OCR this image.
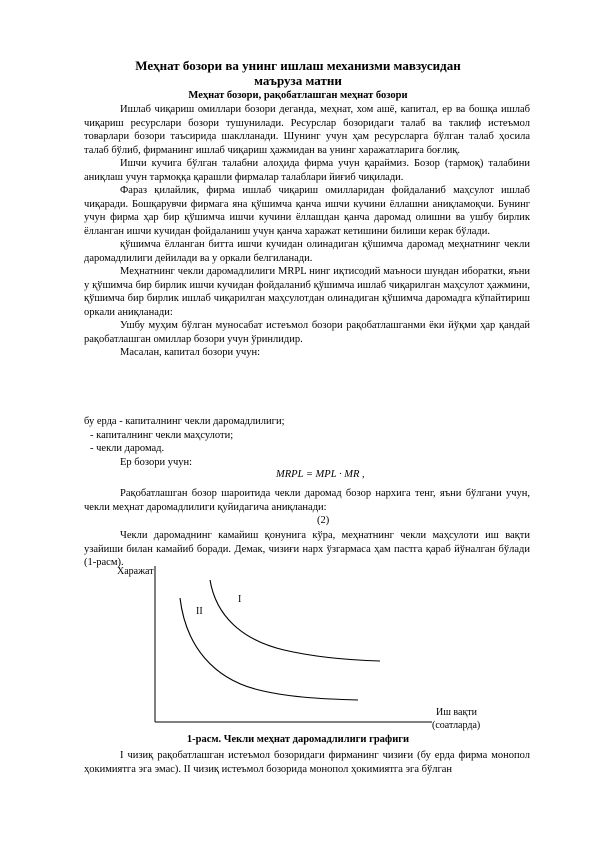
Меҳнат бозори ва унинг ишлаш механизми мавзусидан
маъруза матни
Меҳнат бозори, рақобатлашган меҳнат бозори

Ишлаб чиқариш омиллари бозори деганда, меҳнат, хом ашё, капитал, ер ва бошқа ишлаб чиқариш ресурслари бозори тушунилади. Ресурслар бозоридаги талаб ва таклиф истеъмол товарлари бозори таъсирида шаклланади. Шунинг учун ҳам ресурсларга бўлган талаб ҳосила талаб бўлиб, фирманинг ишлаб чиқариш ҳажмидан ва унинг харажатларига боғлиқ.

Ишчи кучига бўлган талабни алоҳида фирма учун қараймиз. Бозор (тармоқ) талабини аниқлаш учун тармоққа қарашли фирмалар талаблари йиғиб чиқилади.

Фараз қилайлик, фирма ишлаб чиқариш омилларидан фойдаланиб маҳсулот ишлаб чиқаради. Бошқарувчи фирмага яна қўшимча қанча ишчи кучини ёллашни аниқламоқчи. Бунинг учун фирма ҳар бир қўшимча ишчи кучини ёллашдан қанча даромад олишни ва ушбу бирлик ёлланган ишчи кучидан фойдаланиш учун қанча харажат кетишини билиши керак бўлади.

қўшимча ёлланган битта ишчи кучидан олинадиган қўшимча даромад меҳнатнинг чекли даромадлилиги дейилади ва у оркали белгиланади.

Меҳнатнинг чекли даромадлилиги MRPL нинг иқтисодий маъноси шундан иборатки, яъни у қўшимча бир бирлик ишчи кучидан фойдаланиб қўшимча ишлаб чиқарилган маҳсулот ҳажмини, қўшимча бир бирлик ишлаб чиқарилган маҳсулотдан олинадиган қўшимча даромадга кўпайтириш оркали аниқланади:

Ушбу муҳим бўлган муносабат истеъмол бозори рақобатлашганми ёки йўқми ҳар қандай рақобатлашган омиллар бозори учун ўринлидир.

Масалан, капитал бозори учун:

бу ерда - капиталнинг чекли даромадлилиги;

- капиталнинг чекли маҳсулоти;

- чекли даромад.

Ер бозори учун:

MRPL = MPL · MR ,

Рақобатлашган бозор шароитида чекли даромад бозор нархига тенг, яъни бўлгани учун, чекли меҳнат даромадлилиги қуйидагича аниқланади:

(2)

Чекли даромаднинг камайиш қонунига кўра, меҳнатнинг чекли маҳсулоти иш вақти узайиши билан камайиб боради. Демак, чизиғи нарх ўзгармаса ҳам пастга қараб йўналган бўлади (1-расм).

Харажат
Иш вақти
(соатларда)
I
II
1-расм. Чекли меҳнат даромадлилиги графиги

I чизиқ рақобатлашган истеъмол бозоридаги фирманинг чизиғи (бу ерда фирма монопол ҳокимиятга эга эмас). II чизиқ истеъмол бозорида монопол ҳокимиятга эга бўлган
